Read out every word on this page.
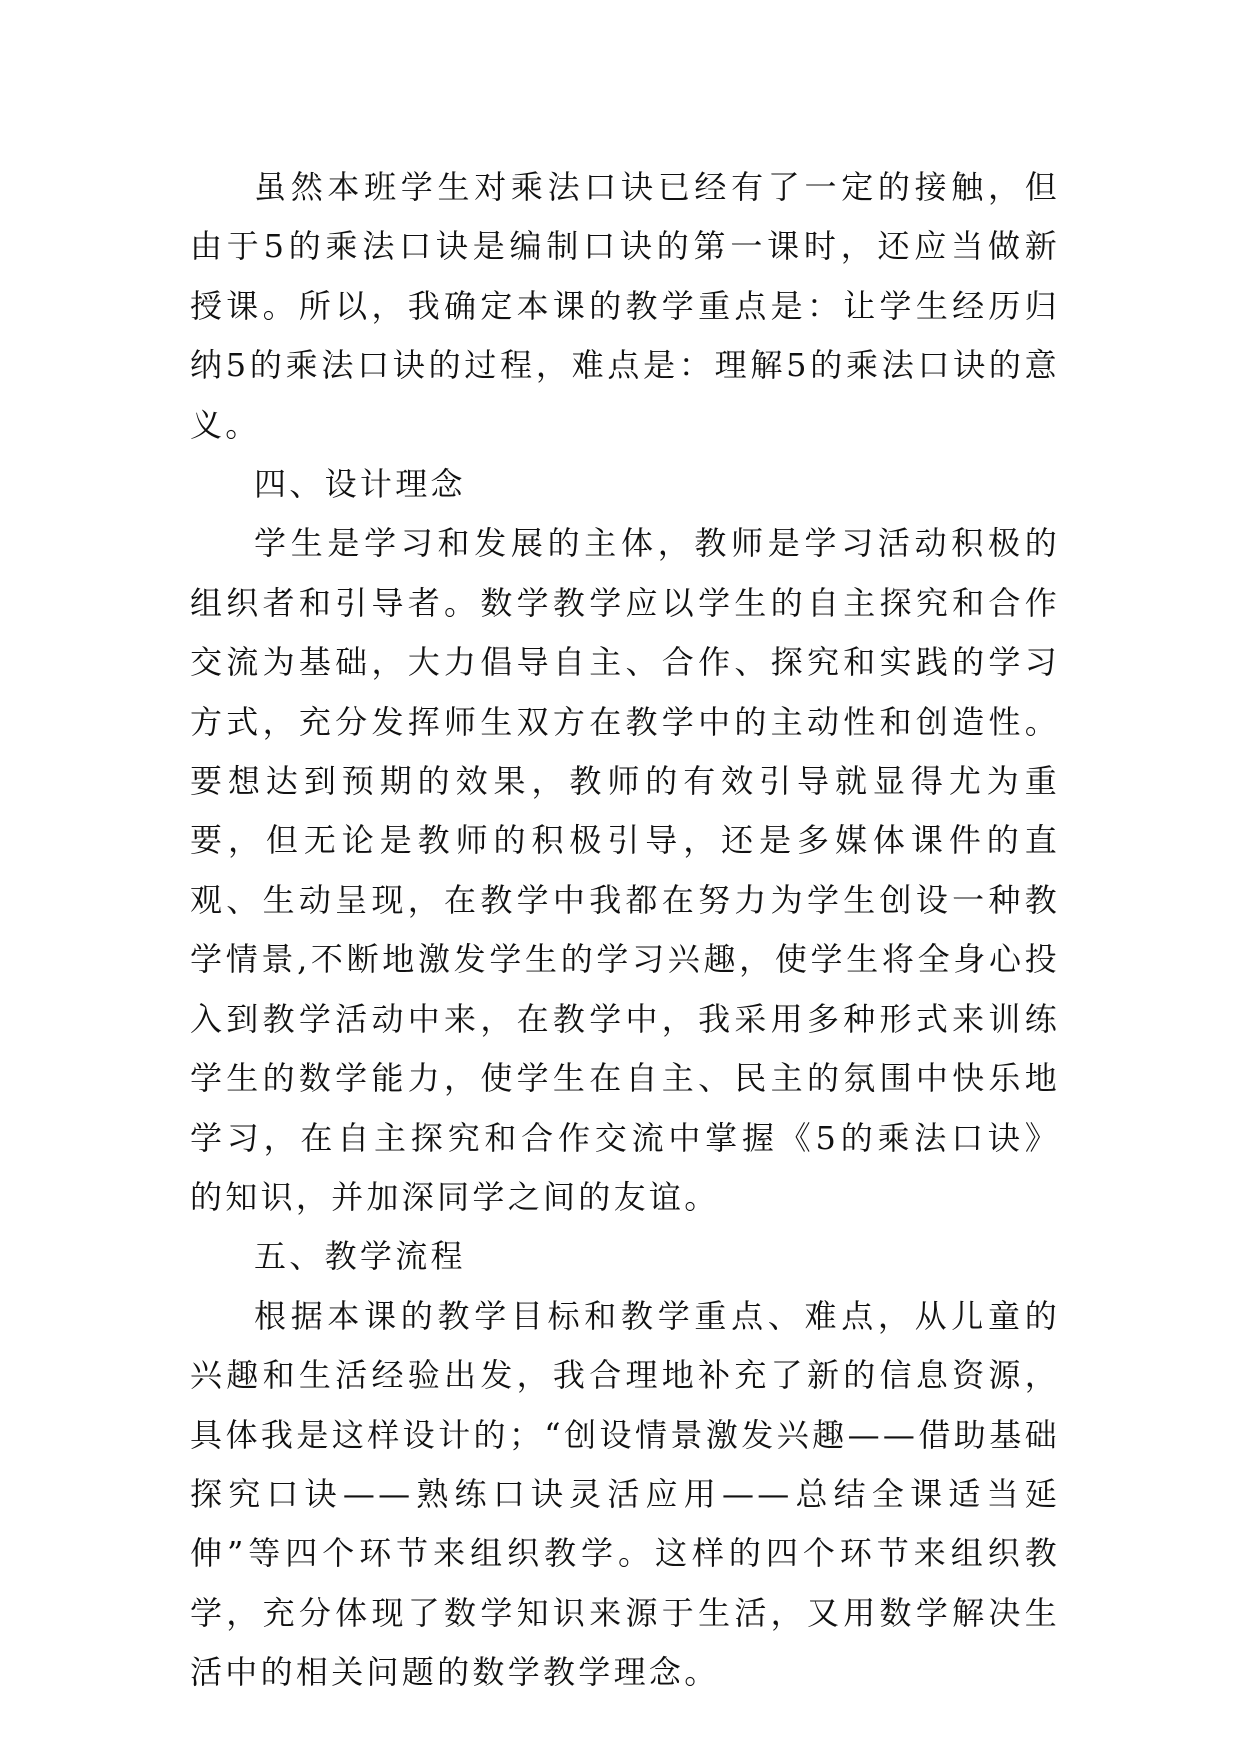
虽然本班学生对乘法口诀已经有了一定的接触，但由于5的乘法口诀是编制口诀的第一课时，还应当做新授课。所以，我确定本课的教学重点是：让学生经历归纳5的乘法口诀的过程，难点是：理解5的乘法口诀的意义。

四、设计理念

学生是学习和发展的主体，教师是学习活动积极的组织者和引导者。数学教学应以学生的自主探究和合作交流为基础，大力倡导自主、合作、探究和实践的学习方式，充分发挥师生双方在教学中的主动性和创造性。要想达到预期的效果，教师的有效引导就显得尤为重要，但无论是教师的积极引导，还是多媒体课件的直观、生动呈现，在教学中我都在努力为学生创设一种教学情景,不断地激发学生的学习兴趣，使学生将全身心投入到教学活动中来，在教学中，我采用多种形式来训练学生的数学能力，使学生在自主、民主的氛围中快乐地学习，在自主探究和合作交流中掌握《5的乘法口诀》的知识，并加深同学之间的友谊。

五、教学流程

根据本课的教学目标和教学重点、难点，从儿童的兴趣和生活经验出发，我合理地补充了新的信息资源，具体我是这样设计的；“创设情景激发兴趣——借助基础探究口诀——熟练口诀灵活应用——总结全课适当延伸”等四个环节来组织教学。这样的四个环节来组织教学，充分体现了数学知识来源于生活，又用数学解决生活中的相关问题的数学教学理念。
